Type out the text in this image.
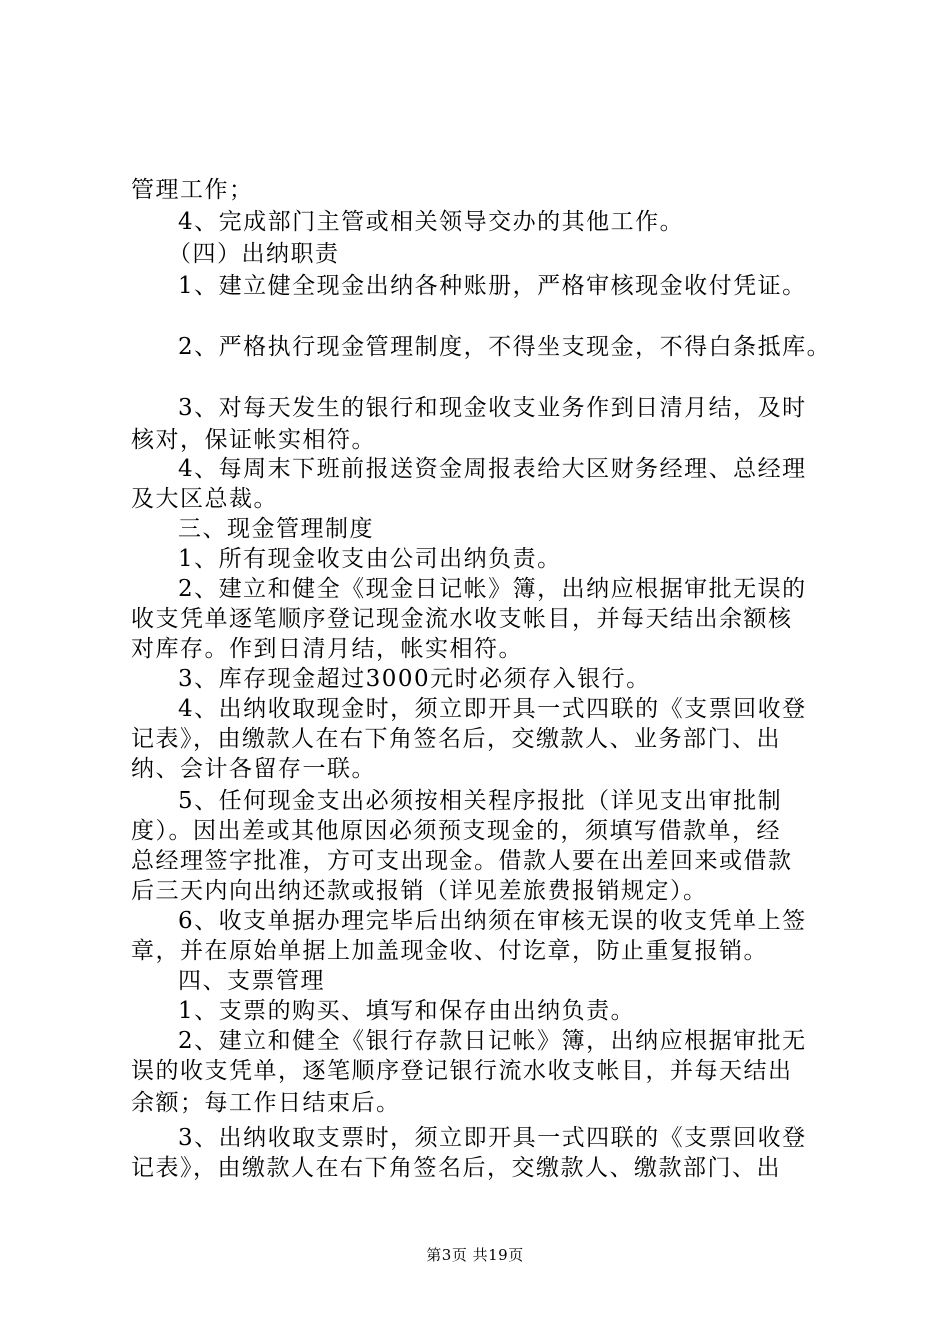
管理工作；
4、完成部门主管或相关领导交办的其他工作。
（四）出纳职责
1、建立健全现金出纳各种账册，严格审核现金收付凭证。
2、严格执行现金管理制度，不得坐支现金，不得白条抵库。
3、对每天发生的银行和现金收支业务作到日清月结，及时
核对，保证帐实相符。
4、每周末下班前报送资金周报表给大区财务经理、总经理
及大区总裁。
三、现金管理制度
1、所有现金收支由公司出纳负责。
2、建立和健全《现金日记帐》簿，出纳应根据审批无误的
收支凭单逐笔顺序登记现金流水收支帐目，并每天结出余额核
对库存。作到日清月结，帐实相符。
3、库存现金超过3000元时必须存入银行。
4、出纳收取现金时，须立即开具一式四联的《支票回收登
记表》，由缴款人在右下角签名后，交缴款人、业务部门、出
纳、会计各留存一联。
5、任何现金支出必须按相关程序报批（详见支出审批制
度）。因出差或其他原因必须预支现金的，须填写借款单，经
总经理签字批准，方可支出现金。借款人要在出差回来或借款
后三天内向出纳还款或报销（详见差旅费报销规定）。
6、收支单据办理完毕后出纳须在审核无误的收支凭单上签
章，并在原始单据上加盖现金收、付讫章，防止重复报销。
四、支票管理
1、支票的购买、填写和保存由出纳负责。
2、建立和健全《银行存款日记帐》簿，出纳应根据审批无
误的收支凭单，逐笔顺序登记银行流水收支帐目，并每天结出
余额；每工作日结束后。
3、出纳收取支票时，须立即开具一式四联的《支票回收登
记表》，由缴款人在右下角签名后，交缴款人、缴款部门、出
第3页 共19页
